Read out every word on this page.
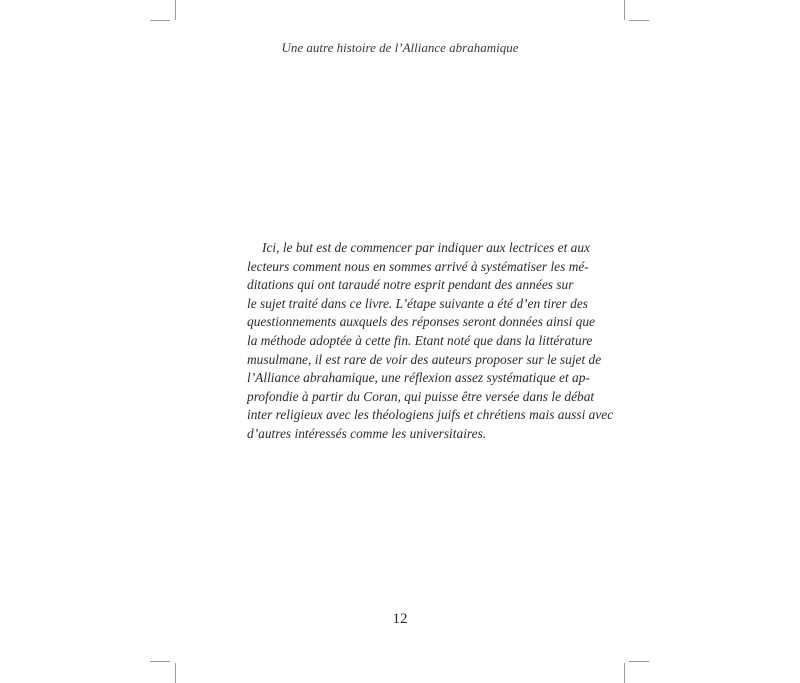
Une autre histoire de l’Alliance abrahamique

Ici, le but est de commencer par indiquer aux lectrices et aux
lecteurs comment nous en sommes arrivé à systématiser les mé-
ditations qui ont taraudé notre esprit pendant des années sur
le sujet traité dans ce livre. L’étape suivante a été d’en tirer des
questionnements auxquels des réponses seront données ainsi que
la méthode adoptée à cette fin. Etant noté que dans la littérature
musulmane, il est rare de voir des auteurs proposer sur le sujet de
l’Alliance abrahamique, une réflexion assez systématique et ap-
profondie à partir du Coran, qui puisse être versée dans le débat
inter religieux avec les théologiens juifs et chrétiens mais aussi avec
d’autres intéressés comme les universitaires.

12
